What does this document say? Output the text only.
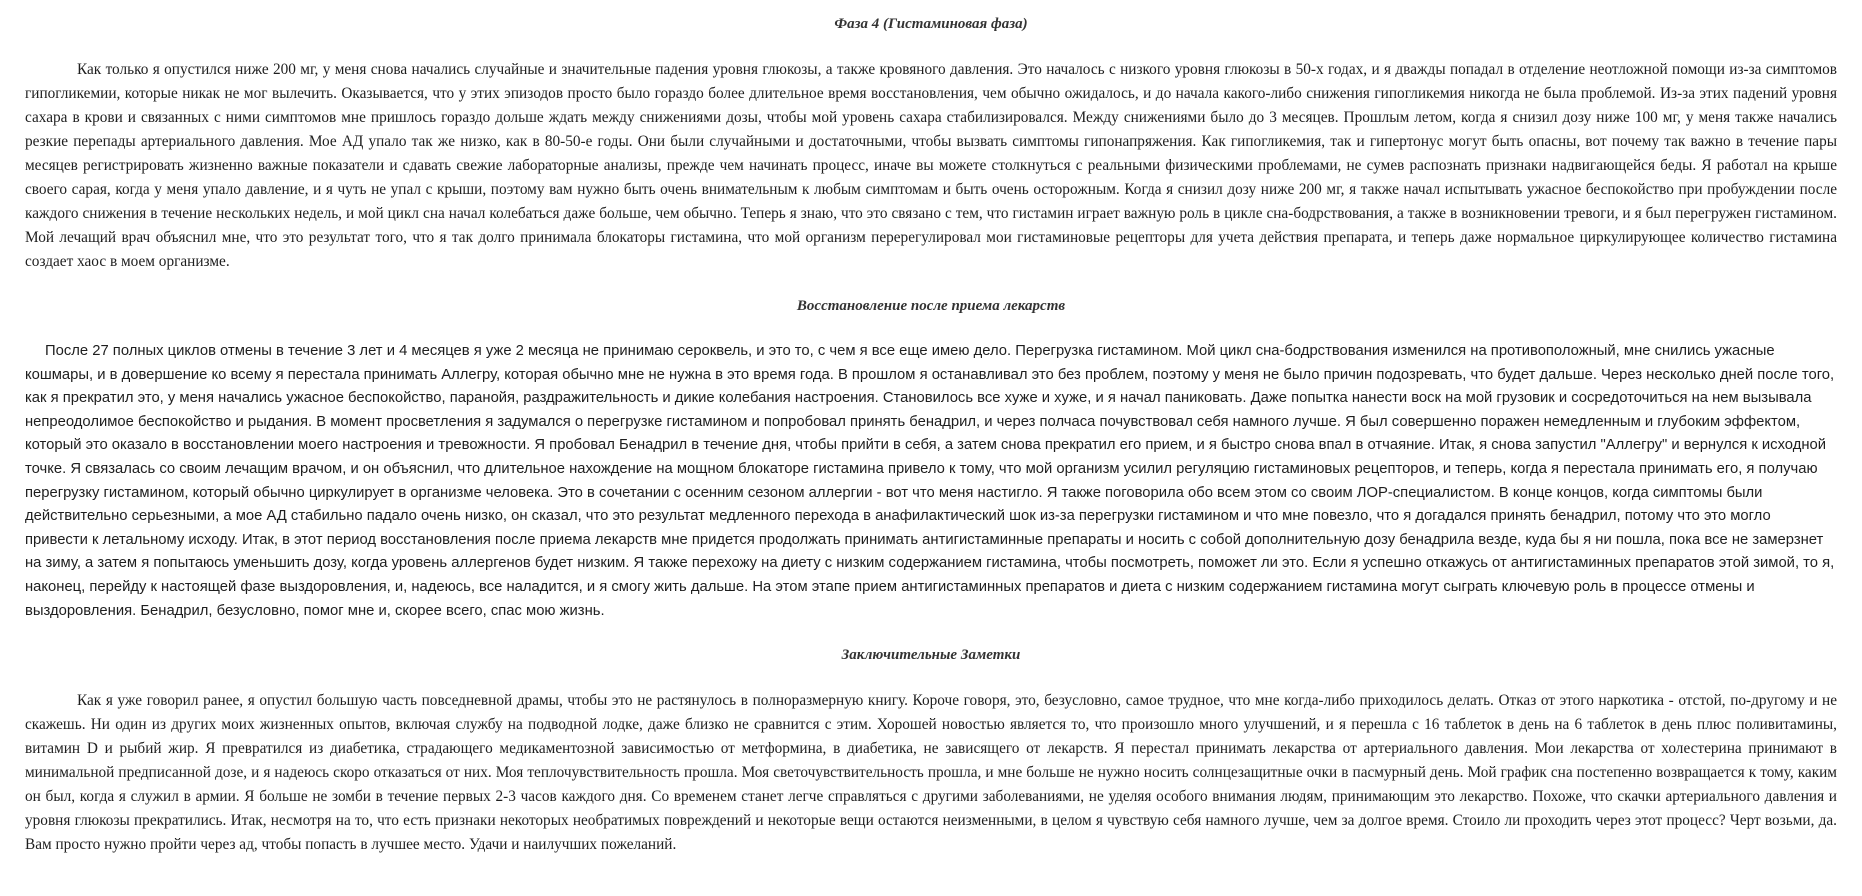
Фаза 4 (Гистаминовая фаза)

Как только я опустился ниже 200 мг, у меня снова начались случайные и значительные падения уровня глюкозы, а также кровяного давления. Это началось с низкого уровня глюкозы в 50-х годах, и я дважды попадал в отделение неотложной помощи из-за симптомов гипогликемии, которые никак не мог вылечить. Оказывается, что у этих эпизодов просто было гораздо более длительное время восстановления, чем обычно ожидалось, и до начала какого-либо снижения гипогликемия никогда не была проблемой. Из-за этих падений уровня сахара в крови и связанных с ними симптомов мне пришлось гораздо дольше ждать между снижениями дозы, чтобы мой уровень сахара стабилизировался. Между снижениями было до 3 месяцев. Прошлым летом, когда я снизил дозу ниже 100 мг, у меня также начались резкие перепады артериального давления. Мое АД упало так же низко, как в 80-50-е годы. Они были случайными и достаточными, чтобы вызвать симптомы гипонапряжения. Как гипогликемия, так и гипертонус могут быть опасны, вот почему так важно в течение пары месяцев регистрировать жизненно важные показатели и сдавать свежие лабораторные анализы, прежде чем начинать процесс, иначе вы можете столкнуться с реальными физическими проблемами, не сумев распознать признаки надвигающейся беды. Я работал на крыше своего сарая, когда у меня упало давление, и я чуть не упал с крыши, поэтому вам нужно быть очень внимательным к любым симптомам и быть очень осторожным. Когда я снизил дозу ниже 200 мг, я также начал испытывать ужасное беспокойство при пробуждении после каждого снижения в течение нескольких недель, и мой цикл сна начал колебаться даже больше, чем обычно. Теперь я знаю, что это связано с тем, что гистамин играет важную роль в цикле сна-бодрствования, а также в возникновении тревоги, и я был перегружен гистамином. Мой лечащий врач объяснил мне, что это результат того, что я так долго принимала блокаторы гистамина, что мой организм перерегулировал мои гистаминовые рецепторы для учета действия препарата, и теперь даже нормальное циркулирующее количество гистамина создает хаос в моем организме.

Восстановление после приема лекарств

После 27 полных циклов отмены в течение 3 лет и 4 месяцев я уже 2 месяца не принимаю сероквель, и это то, с чем я все еще имею дело. Перегрузка гистамином. Мой цикл сна-бодрствования изменился на противоположный, мне снились ужасные кошмары, и в довершение ко всему я перестала принимать Аллегру, которая обычно мне не нужна в это время года. В прошлом я останавливал это без проблем, поэтому у меня не было причин подозревать, что будет дальше. Через несколько дней после того, как я прекратил это, у меня начались ужасное беспокойство, паранойя, раздражительность и дикие колебания настроения. Становилось все хуже и хуже, и я начал паниковать. Даже попытка нанести воск на мой грузовик и сосредоточиться на нем вызывала непреодолимое беспокойство и рыдания. В момент просветления я задумался о перегрузке гистамином и попробовал принять бенадрил, и через полчаса почувствовал себя намного лучше. Я был совершенно поражен немедленным и глубоким эффектом, который это оказало в восстановлении моего настроения и тревожности. Я пробовал Бенадрил в течение дня, чтобы прийти в себя, а затем снова прекратил его прием, и я быстро снова впал в отчаяние. Итак, я снова запустил "Аллегру" и вернулся к исходной точке. Я связалась со своим лечащим врачом, и он объяснил, что длительное нахождение на мощном блокаторе гистамина привело к тому, что мой организм усилил регуляцию гистаминовых рецепторов, и теперь, когда я перестала принимать его, я получаю перегрузку гистамином, который обычно циркулирует в организме человека. Это в сочетании с осенним сезоном аллергии - вот что меня настигло. Я также поговорила обо всем этом со своим ЛОР-специалистом. В конце концов, когда симптомы были действительно серьезными, а мое АД стабильно падало очень низко, он сказал, что это результат медленного перехода в анафилактический шок из-за перегрузки гистамином и что мне повезло, что я догадался принять бенадрил, потому что это могло привести к летальному исходу. Итак, в этот период восстановления после приема лекарств мне придется продолжать принимать антигистаминные препараты и носить с собой дополнительную дозу бенадрила везде, куда бы я ни пошла, пока все не замерзнет на зиму, а затем я попытаюсь уменьшить дозу, когда уровень аллергенов будет низким. Я также перехожу на диету с низким содержанием гистамина, чтобы посмотреть, поможет ли это. Если я успешно откажусь от антигистаминных препаратов этой зимой, то я, наконец, перейду к настоящей фазе выздоровления, и, надеюсь, все наладится, и я смогу жить дальше. На этом этапе прием антигистаминных препаратов и диета с низким содержанием гистамина могут сыграть ключевую роль в процессе отмены и выздоровления. Бенадрил, безусловно, помог мне и, скорее всего, спас мою жизнь.

Заключительные Заметки

Как я уже говорил ранее, я опустил большую часть повседневной драмы, чтобы это не растянулось в полноразмерную книгу. Короче говоря, это, безусловно, самое трудное, что мне когда-либо приходилось делать. Отказ от этого наркотика - отстой, по-другому и не скажешь. Ни один из других моих жизненных опытов, включая службу на подводной лодке, даже близко не сравнится с этим. Хорошей новостью является то, что произошло много улучшений, и я перешла с 16 таблеток в день на 6 таблеток в день плюс поливитамины, витамин D и рыбий жир. Я превратился из диабетика, страдающего медикаментозной зависимостью от метформина, в диабетика, не зависящего от лекарств. Я перестал принимать лекарства от артериального давления. Мои лекарства от холестерина принимают в минимальной предписанной дозе, и я надеюсь скоро отказаться от них. Моя теплочувствительность прошла. Моя светочувствительность прошла, и мне больше не нужно носить солнцезащитные очки в пасмурный день. Мой график сна постепенно возвращается к тому, каким он был, когда я служил в армии. Я больше не зомби в течение первых 2-3 часов каждого дня. Со временем станет легче справляться с другими заболеваниями, не уделяя особого внимания людям, принимающим это лекарство. Похоже, что скачки артериального давления и уровня глюкозы прекратились. Итак, несмотря на то, что есть признаки некоторых необратимых повреждений и некоторые вещи остаются неизменными, в целом я чувствую себя намного лучше, чем за долгое время. Стоило ли проходить через этот процесс? Черт возьми, да. Вам просто нужно пройти через ад, чтобы попасть в лучшее место. Удачи и наилучших пожеланий.
